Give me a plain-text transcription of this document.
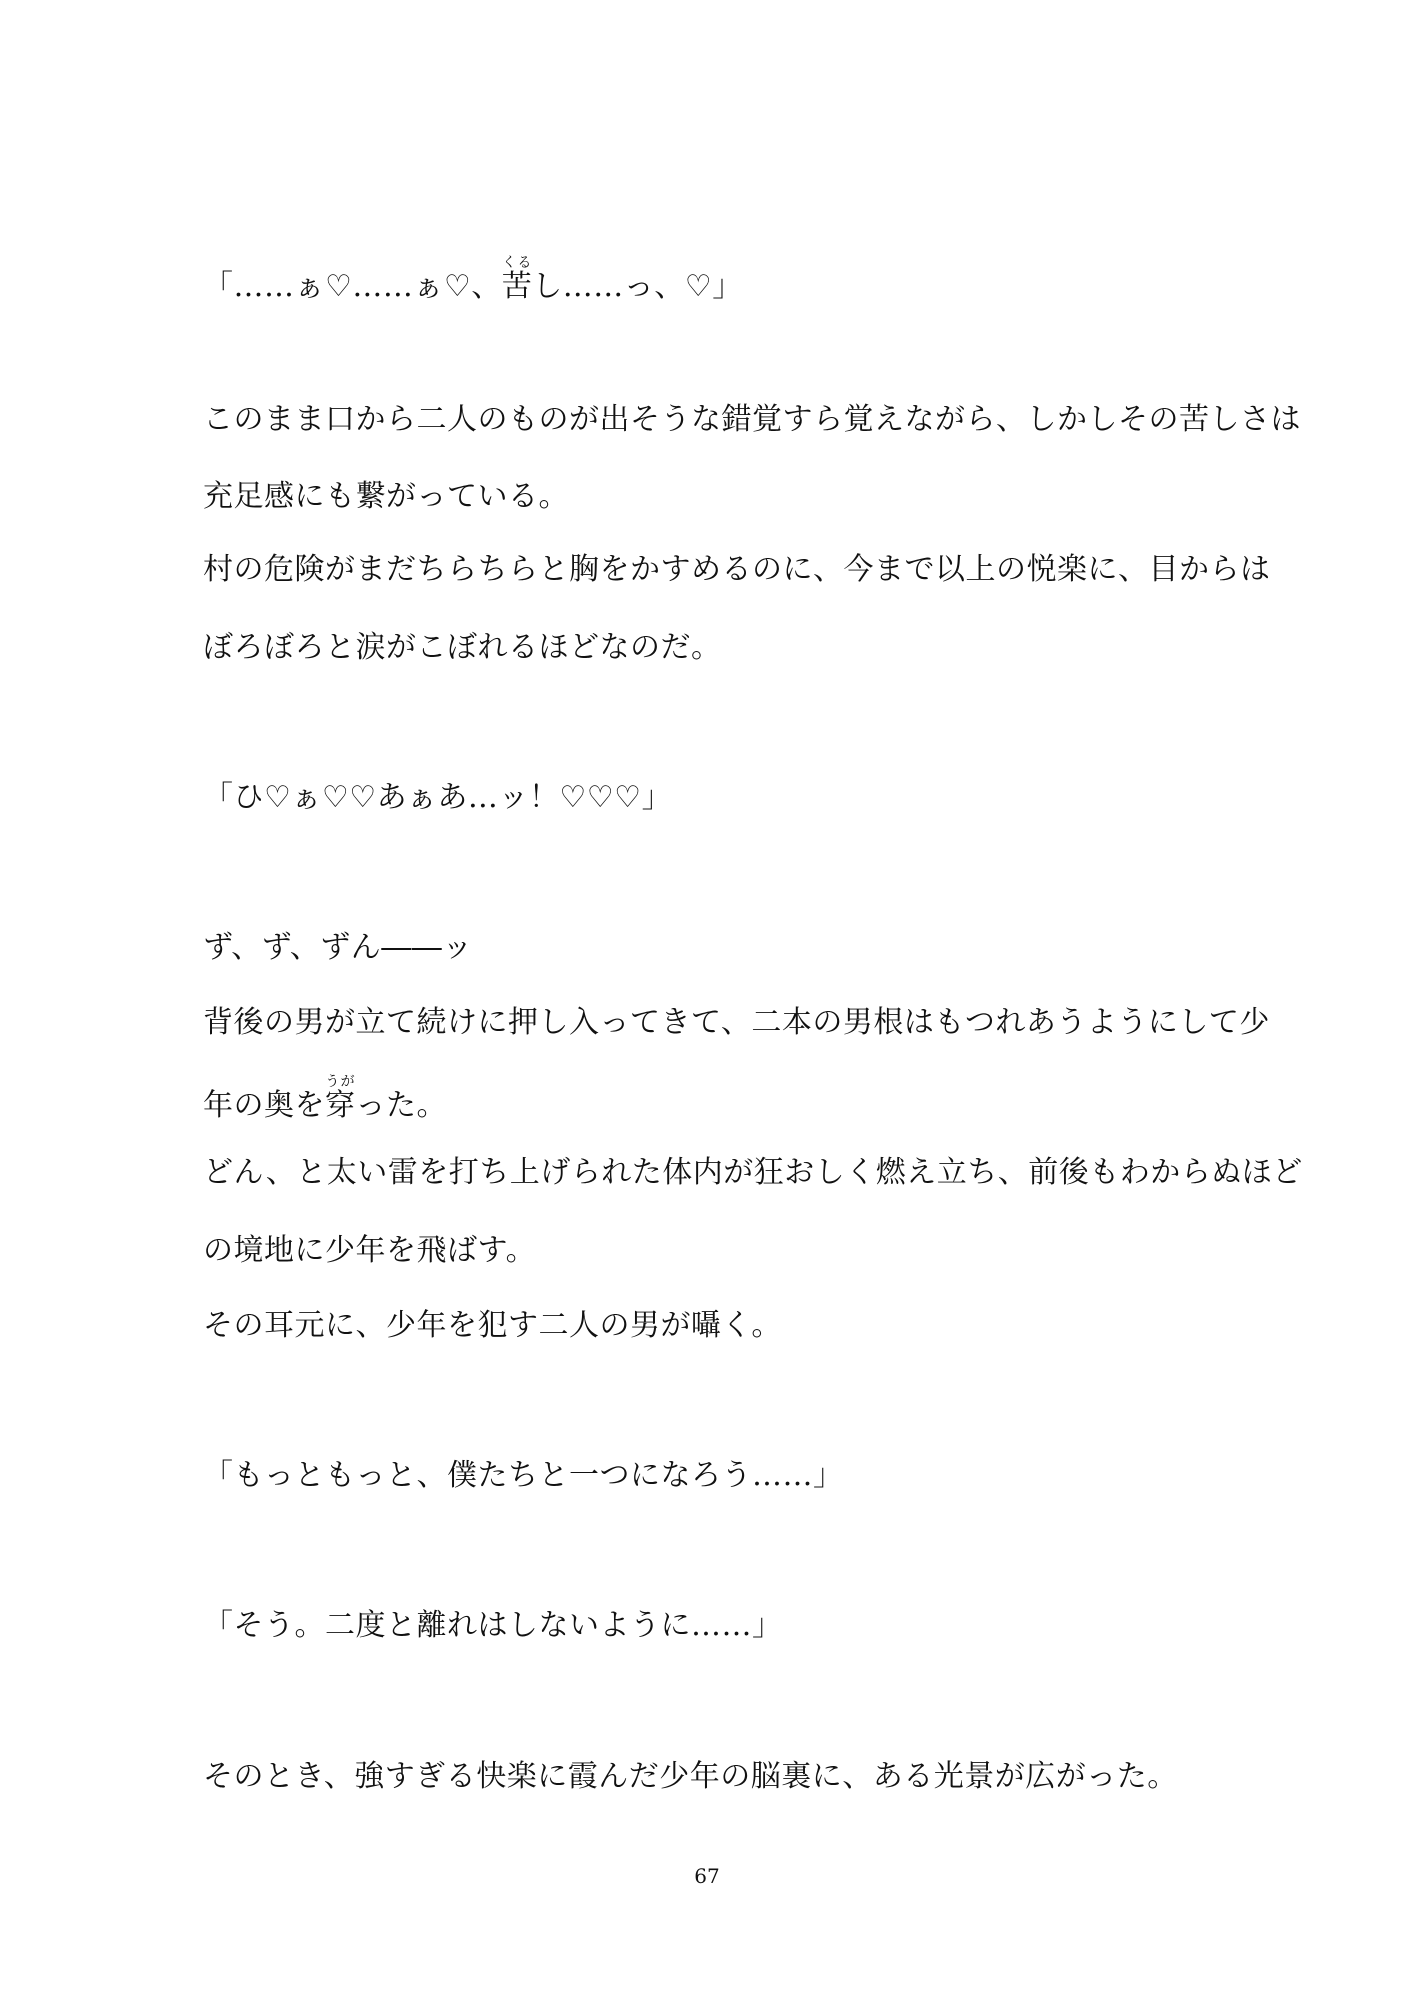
「……ぁ♡……ぁ♡、苦くるし……っ、♡」
このまま口から二人のものが出そうな錯覚すら覚えながら、しかしその苦しさは
充足感にも繋がっている。
村の危険がまだちらちらと胸をかすめるのに、今まで以上の悦楽に、目からは
ぼろぼろと涙がこぼれるほどなのだ。
「ひ♡ぁ♡♡あぁあ…ッ！♡♡♡」
ず、ず、ずん――ッ
背後の男が立て続けに押し入ってきて、二本の男根はもつれあうようにして少
年の奥を穿うがった。
どん、と太い雷を打ち上げられた体内が狂おしく燃え立ち、前後もわからぬほど
の境地に少年を飛ばす。
その耳元に、少年を犯す二人の男が囁く。
「もっともっと、僕たちと一つになろう……」
「そう。二度と離れはしないように……」
そのとき、強すぎる快楽に霞んだ少年の脳裏に、ある光景が広がった。
67
